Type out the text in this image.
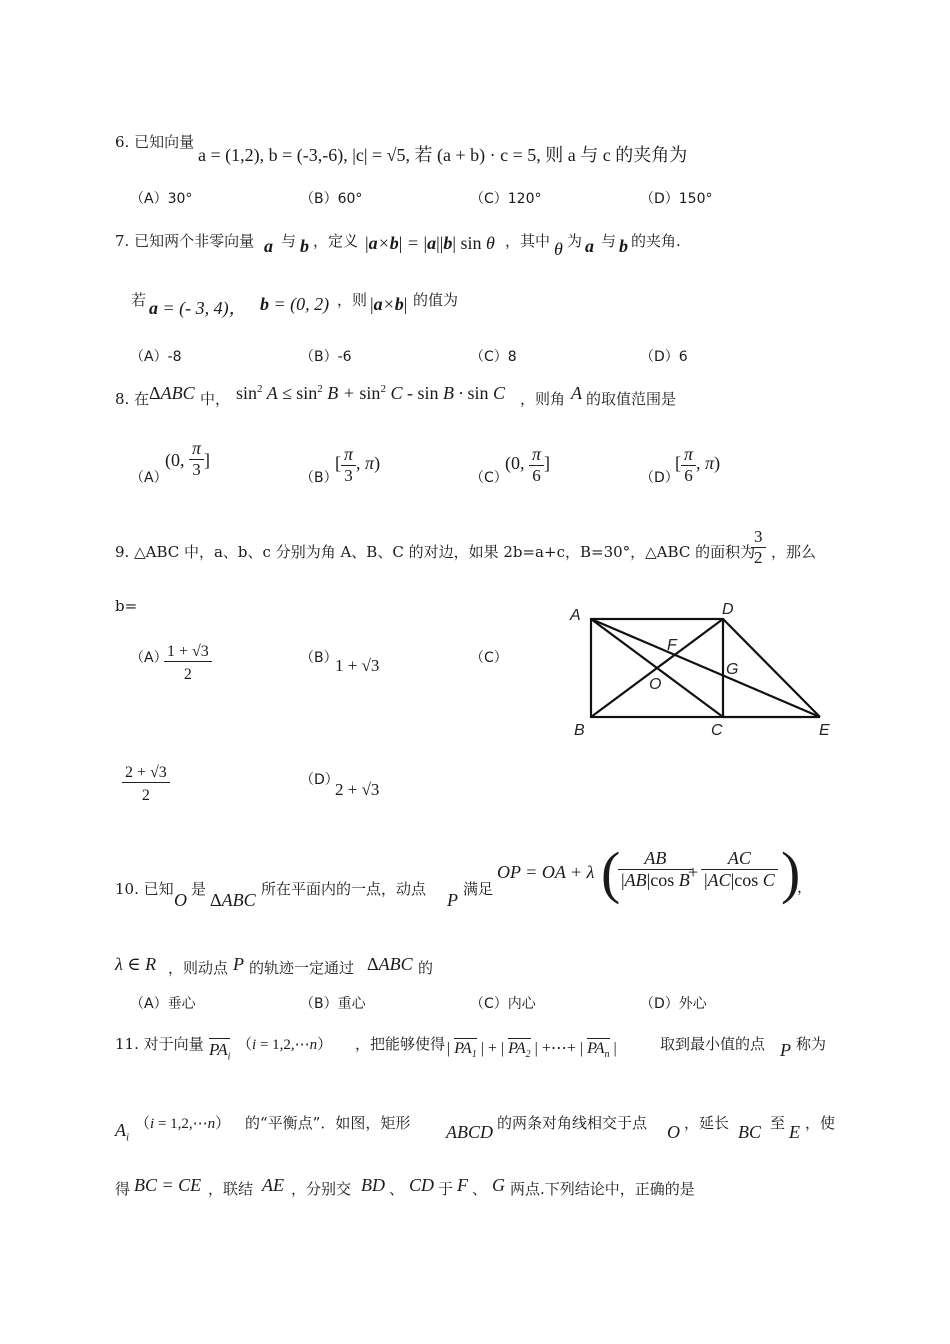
6. 已知向量
a = (1,2), b = (-3,-6), |c| = √5, 若 (a + b) · c = 5, 则 a 与 c 的夹角为
（A）30°	（B）60°	（C）120°	（D）150°
7. 已知两个非零向量 a 与 b ，定义 |a×b| = |a||b| sin θ ，其中 θ 为 a 与 b 的夹角.
若 a = (- 3, 4)， b = (0, 2) ，则 |a×b| 的值为
（A）-8	（B）-6	（C）8	（D）6
8. 在 ΔABC 中， $\sin^2 A \le \sin^2 B + \sin^2 C - \sin B \cdot \sin C$ ，则角 A 的取值范围是
（A）
(0, $\frac{\pi}{3}$ ]
（B）
[ $\frac{\pi}{3}$ , π)
（C）
(0, $\frac{\pi}{6}$ ]
（D）
[ $\frac{\pi}{6}$ , π)
9. △ABC 中，a、b、c 分别为角 A、B、C 的对边，如果 2b=a+c，B=30°，△ABC 的面积为
$\frac{3}{2}$ ，那么
b=
（A）
$\frac{1 + √3}{2}$	（B）
1 + √3	（C）
$\frac{2 + √3}{2}$	（D）
2 + √3
A	D
F
G
O
B	C	E
10. 已知
O
是
ΔABC
所在平面内的一点，动点
P
满足
OP = OA + λ (
$\frac{AB}{\text{|AB|cos B}}$
+ $\frac{AC}{\text{|AC|cos C}}$ )
，
λ ∈ R ，则动点 P 的轨迹一定通过 ΔABC 的
（A）垂心	（B）重心	（C）内心	（D）外心
11. 对于向量 $PA_i$
（i = 1,2,⋯n） ，把能够使得 | $PA_1$ | + | $PA_2$ | +⋯+ | $PA_n$ |	取到最小值的点 P 称为
$A_i$
（i = 1,2,⋯n） 的“平衡点”．如图，矩形 ABCD 的两条对角线相交于点 O ，延长 BC 至 E ，使
得 BC = CE ，联结 AE ，分别交 BD 、 CD 于 F 、 G 两点.下列结论中，正确的是
